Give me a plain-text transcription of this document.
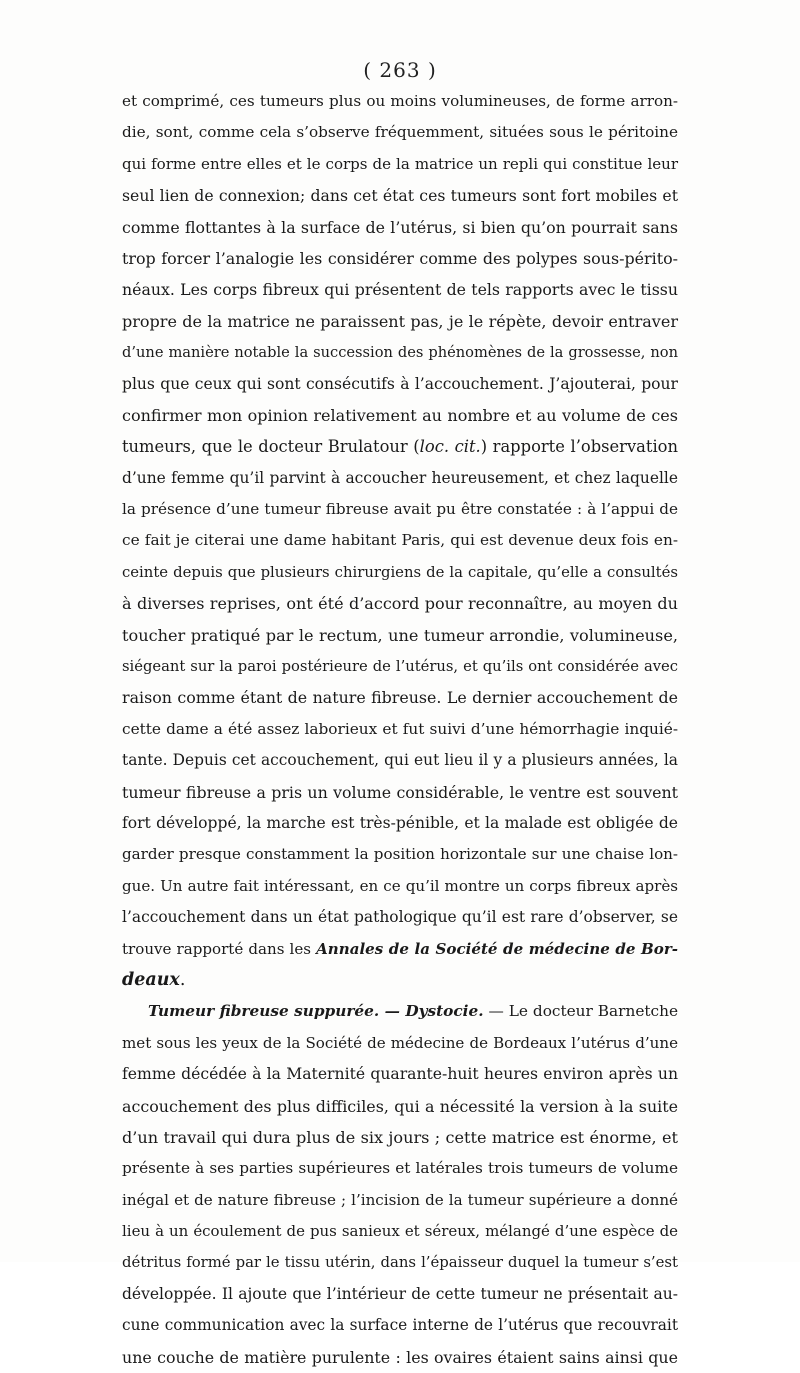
( 263 )
et comprimé, ces tumeurs plus ou moins volumineuses, de forme arron-
die, sont, comme cela s’observe fréquemment, situées sous le péritoine
qui forme entre elles et le corps de la matrice un repli qui constitue leur
seul lien de connexion; dans cet état ces tumeurs sont fort mobiles et
comme flottantes à la surface de l’utérus, si bien qu’on pourrait sans
trop forcer l’analogie les considérer comme des polypes sous-périto-
néaux. Les corps fibreux qui présentent de tels rapports avec le tissu
propre de la matrice ne paraissent pas, je le répète, devoir entraver
d’une manière notable la succession des phénomènes de la grossesse, non
plus que ceux qui sont consécutifs à l’accouchement. J’ajouterai, pour
confirmer mon opinion relativement au nombre et au volume de ces
tumeurs, que le docteur Brulatour (loc. cit.) rapporte l’observation
d’une femme qu’il parvint à accoucher heureusement, et chez laquelle
la présence d’une tumeur fibreuse avait pu être constatée : à l’appui de
ce fait je citerai une dame habitant Paris, qui est devenue deux fois en-
ceinte depuis que plusieurs chirurgiens de la capitale, qu’elle a consultés
à diverses reprises, ont été d’accord pour reconnaître, au moyen du
toucher pratiqué par le rectum, une tumeur arrondie, volumineuse,
siégeant sur la paroi postérieure de l’utérus, et qu’ils ont considérée avec
raison comme étant de nature fibreuse. Le dernier accouchement de
cette dame a été assez laborieux et fut suivi d’une hémorrhagie inquié-
tante. Depuis cet accouchement, qui eut lieu il y a plusieurs années, la
tumeur fibreuse a pris un volume considérable, le ventre est souvent
fort développé, la marche est très-pénible, et la malade est obligée de
garder presque constamment la position horizontale sur une chaise lon-
gue. Un autre fait intéressant, en ce qu’il montre un corps fibreux après
l’accouchement dans un état pathologique qu’il est rare d’observer, se
trouve rapporté dans les Annales de la Société de médecine de Bor-
deaux.
Tumeur fibreuse suppurée. — Dystocie. — Le docteur Barnetche
met sous les yeux de la Société de médecine de Bordeaux l’utérus d’une
femme décédée à la Maternité quarante-huit heures environ après un
accouchement des plus difficiles, qui a nécessité la version à la suite
d’un travail qui dura plus de six jours ; cette matrice est énorme, et
présente à ses parties supérieures et latérales trois tumeurs de volume
inégal et de nature fibreuse ; l’incision de la tumeur supérieure a donné
lieu à un écoulement de pus sanieux et séreux, mélangé d’une espèce de
détritus formé par le tissu utérin, dans l’épaisseur duquel la tumeur s’est
développée. Il ajoute que l’intérieur de cette tumeur ne présentait au-
cune communication avec la surface interne de l’utérus que recouvrait
une couche de matière purulente : les ovaires étaient sains ainsi que
